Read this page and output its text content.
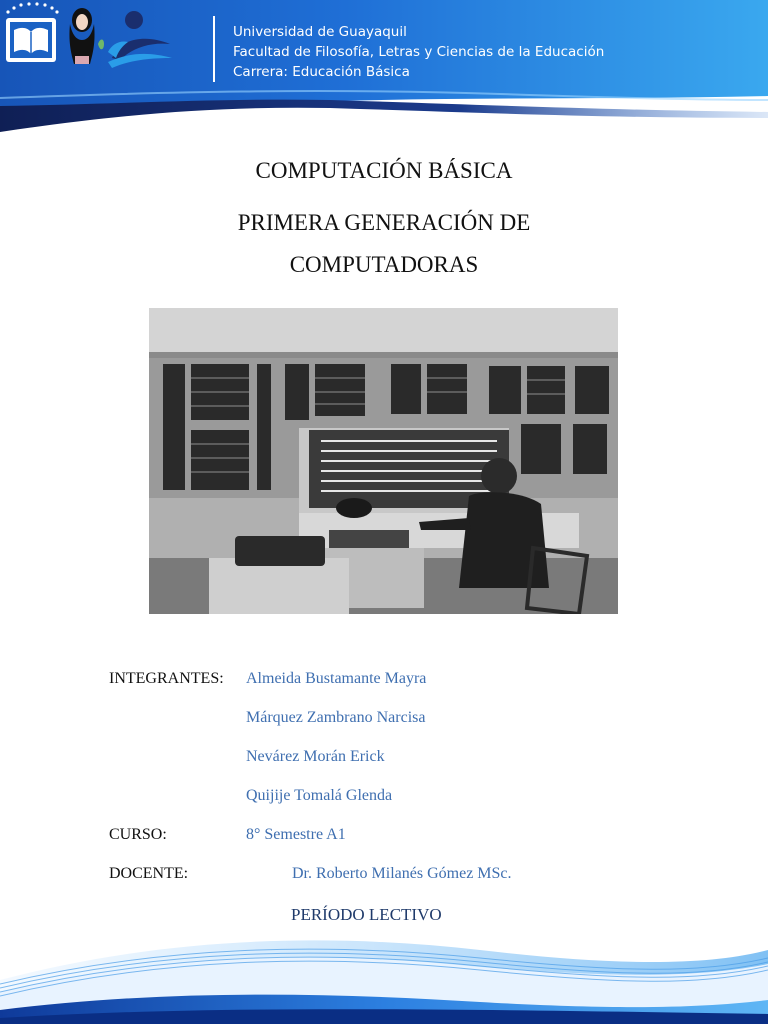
Universidad de Guayaquil
Facultad de Filosofía, Letras y Ciencias de la Educación
Carrera: Educación Básica
COMPUTACIÓN BÁSICA
PRIMERA GENERACIÓN DE
COMPUTADORAS
INTEGRANTES: Almeida Bustamante Mayra
Márquez Zambrano Narcisa
Nevárez Morán Erick
Quijije Tomalá Glenda
CURSO:	8° Semestre A1
DOCENTE:	Dr. Roberto Milanés Gómez MSc.
PERÍODO LECTIVO
